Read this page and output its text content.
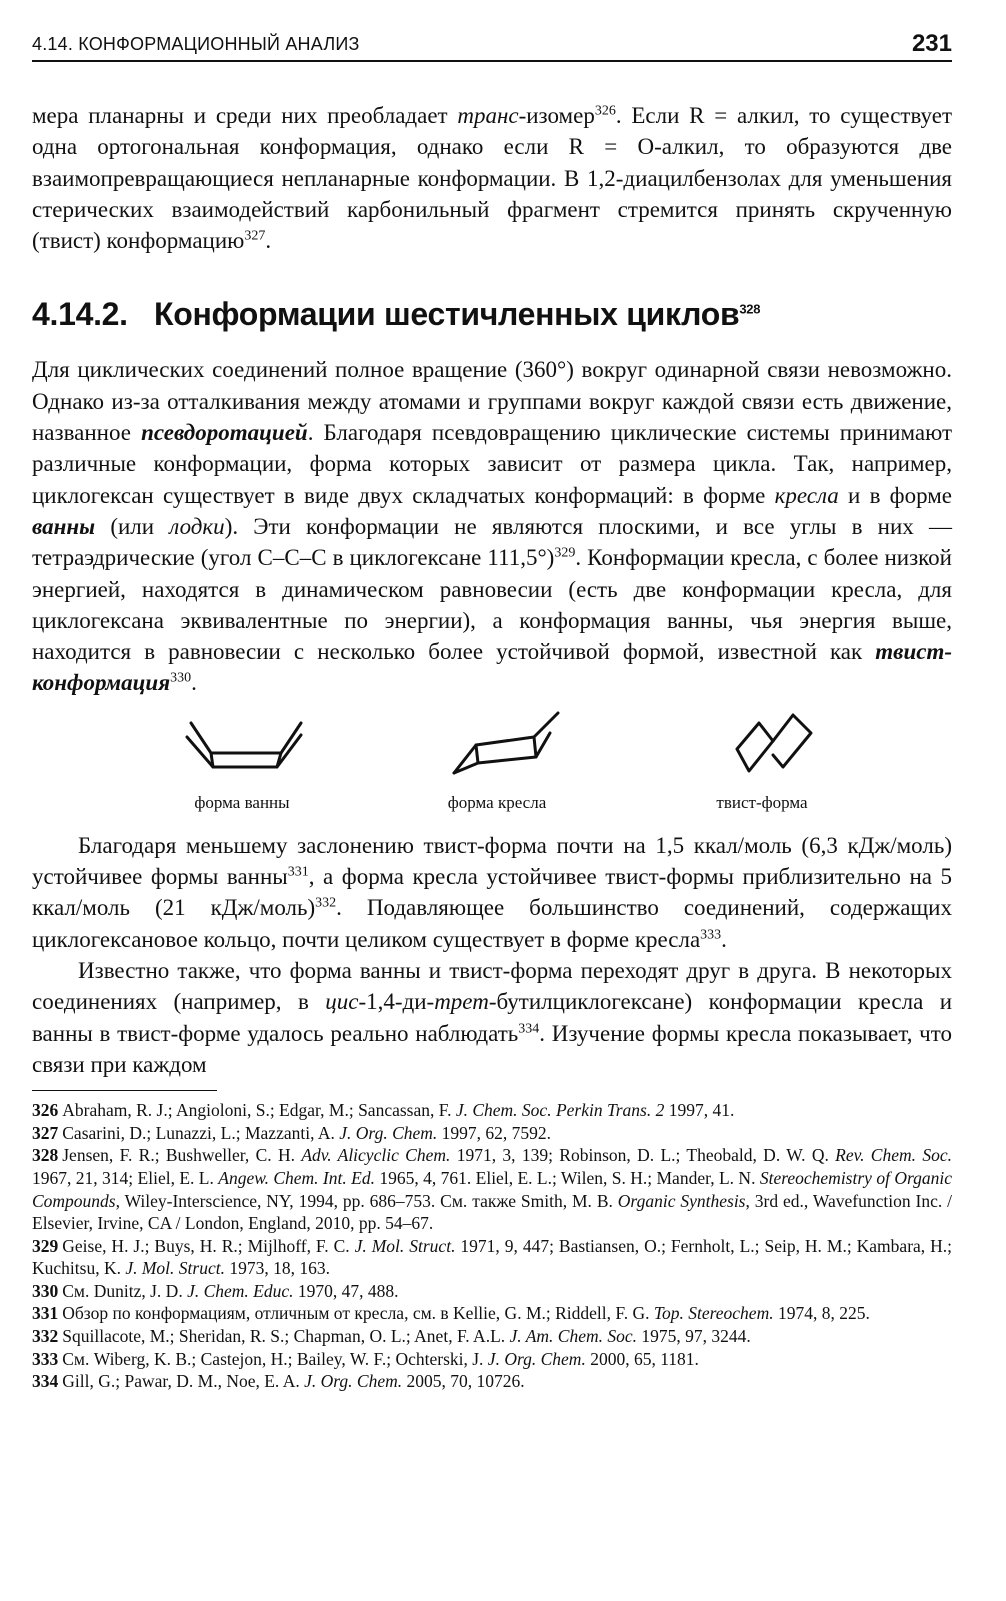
4.14. КОНФОРМАЦИОННЫЙ АНАЛИЗ	231

мера планарны и среди них преобладает транс-изомер$^{326}$. Если R = алкил, то существует одна ортогональная конформация, однако если R = O-алкил, то образуются две взаимопревращающиеся непланарные конформации. В 1,2-диацилбензолах для уменьшения стерических взаимодействий карбонильный фрагмент стремится принять скрученную (твист) конформацию$^{327}$.

4.14.2. Конформации шестичленных циклов$^{328}$

Для циклических соединений полное вращение (360°) вокруг одинарной связи невозможно. Однако из-за отталкивания между атомами и группами вокруг каждой связи есть движение, названное псевдоротацией. Благодаря псевдовращению циклические системы принимают различные конформации, форма которых зависит от размера цикла. Так, например, циклогексан существует в виде двух складчатых конформаций: в форме кресла и в форме ванны (или лодки). Эти конформации не являются плоскими, и все углы в них — тетраэдрические (угол C–C–C в циклогексане 111,5°)$^{329}$. Конформации кресла, с более низкой энергией, находятся в динамическом равновесии (есть две конформации кресла, для циклогексана эквивалентные по энергии), а конформация ванны, чья энергия выше, находится в равновесии с несколько более устойчивой формой, известной как твист-конформация$^{330}$.

форма ванны	форма кресла	твист-форма

Благодаря меньшему заслонению твист-форма почти на 1,5 ккал/моль (6,3 кДж/моль) устойчивее формы ванны$^{331}$, а форма кресла устойчивее твист-формы приблизительно на 5 ккал/моль (21 кДж/моль)$^{332}$. Подавляющее большинство соединений, содержащих циклогексановое кольцо, почти целиком существует в форме кресла$^{333}$.

Известно также, что форма ванны и твист-форма переходят друг в друга. В некоторых соединениях (например, в цис-1,4-ди-трет-бутилциклогексане) конформации кресла и ванны в твист-форме удалось реально наблюдать$^{334}$. Изучение формы кресла показывает, что связи при каждом

326 Abraham, R. J.; Angioloni, S.; Edgar, M.; Sancassan, F. J. Chem. Soc. Perkin Trans. 2 1997, 41.

327 Casarini, D.; Lunazzi, L.; Mazzanti, A. J. Org. Chem. 1997, 62, 7592.

328 Jensen, F. R.; Bushweller, C. H. Adv. Alicyclic Chem. 1971, 3, 139; Robinson, D. L.; Theobald, D. W. Q. Rev. Chem. Soc. 1967, 21, 314; Eliel, E. L. Angew. Chem. Int. Ed. 1965, 4, 761. Eliel, E. L.; Wilen, S. H.; Mander, L. N. Stereochemistry of Organic Compounds, Wiley-Interscience, NY, 1994, pp. 686–753. См. также Smith, M. B. Organic Synthesis, 3rd ed., Wavefunction Inc. / Elsevier, Irvine, CA / London, England, 2010, pp. 54–67.

329 Geise, H. J.; Buys, H. R.; Mijlhoff, F. C. J. Mol. Struct. 1971, 9, 447; Bastiansen, O.; Fernholt, L.; Seip, H. M.; Kambara, H.; Kuchitsu, K. J. Mol. Struct. 1973, 18, 163.

330 См. Dunitz, J. D. J. Chem. Educ. 1970, 47, 488.

331 Обзор по конформациям, отличным от кресла, см. в Kellie, G. M.; Riddell, F. G. Top. Stereochem. 1974, 8, 225.

332 Squillacote, M.; Sheridan, R. S.; Chapman, O. L.; Anet, F. A.L. J. Am. Chem. Soc. 1975, 97, 3244.

333 См. Wiberg, K. B.; Castejon, H.; Bailey, W. F.; Ochterski, J. J. Org. Chem. 2000, 65, 1181.

334 Gill, G.; Pawar, D. M., Noe, E. A. J. Org. Chem. 2005, 70, 10726.
